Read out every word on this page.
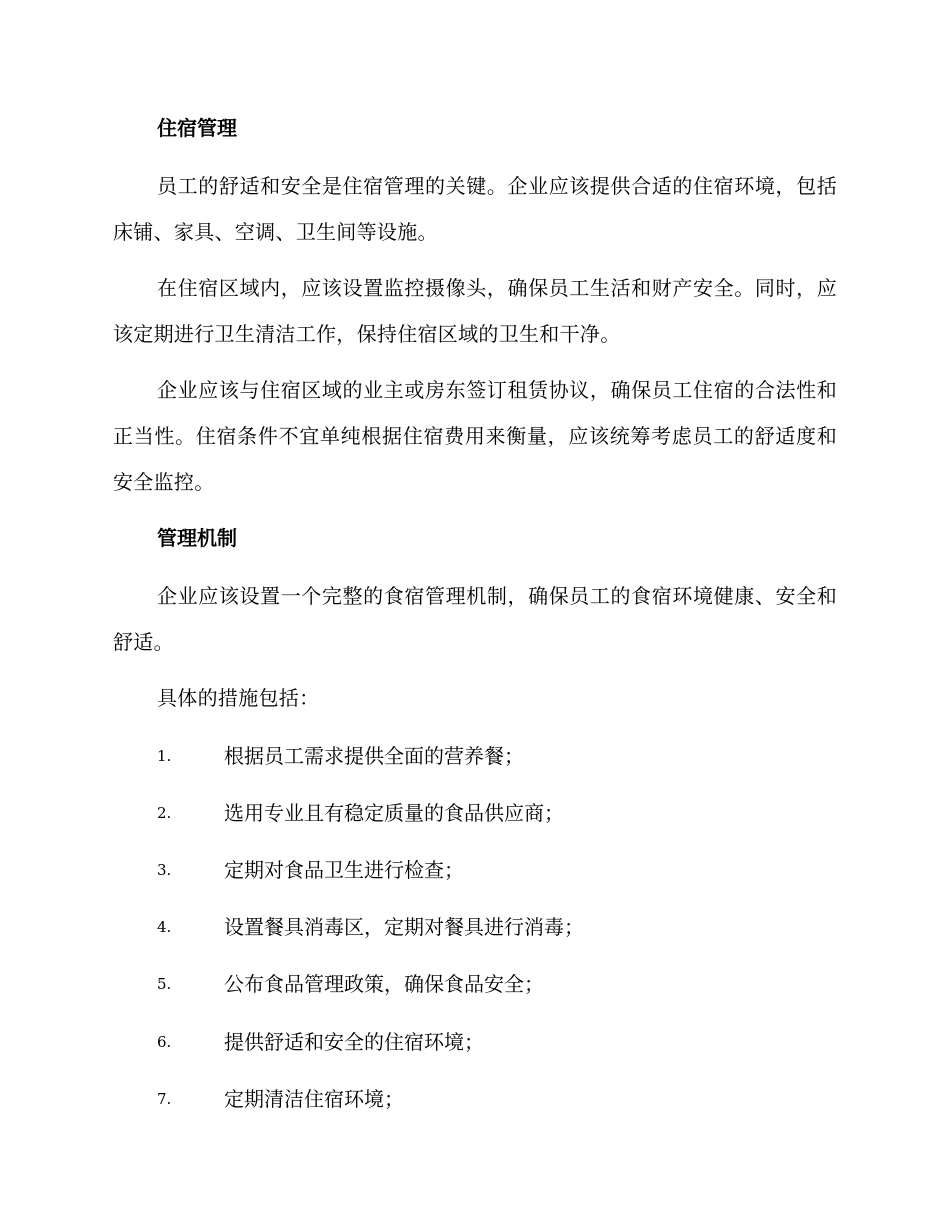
住宿管理
员工的舒适和安全是住宿管理的关键。企业应该提供合适的住宿环境，包括床铺、家具、空调、卫生间等设施。
在住宿区域内，应该设置监控摄像头，确保员工生活和财产安全。同时，应该定期进行卫生清洁工作，保持住宿区域的卫生和干净。
企业应该与住宿区域的业主或房东签订租赁协议，确保员工住宿的合法性和正当性。住宿条件不宜单纯根据住宿费用来衡量，应该统筹考虑员工的舒适度和安全监控。
管理机制
企业应该设置一个完整的食宿管理机制，确保员工的食宿环境健康、安全和舒适。
具体的措施包括：
1.	根据员工需求提供全面的营养餐；
2.	选用专业且有稳定质量的食品供应商；
3.	定期对食品卫生进行检查；
4.	设置餐具消毒区，定期对餐具进行消毒；
5.	公布食品管理政策，确保食品安全；
6.	提供舒适和安全的住宿环境；
7.	定期清洁住宿环境；
